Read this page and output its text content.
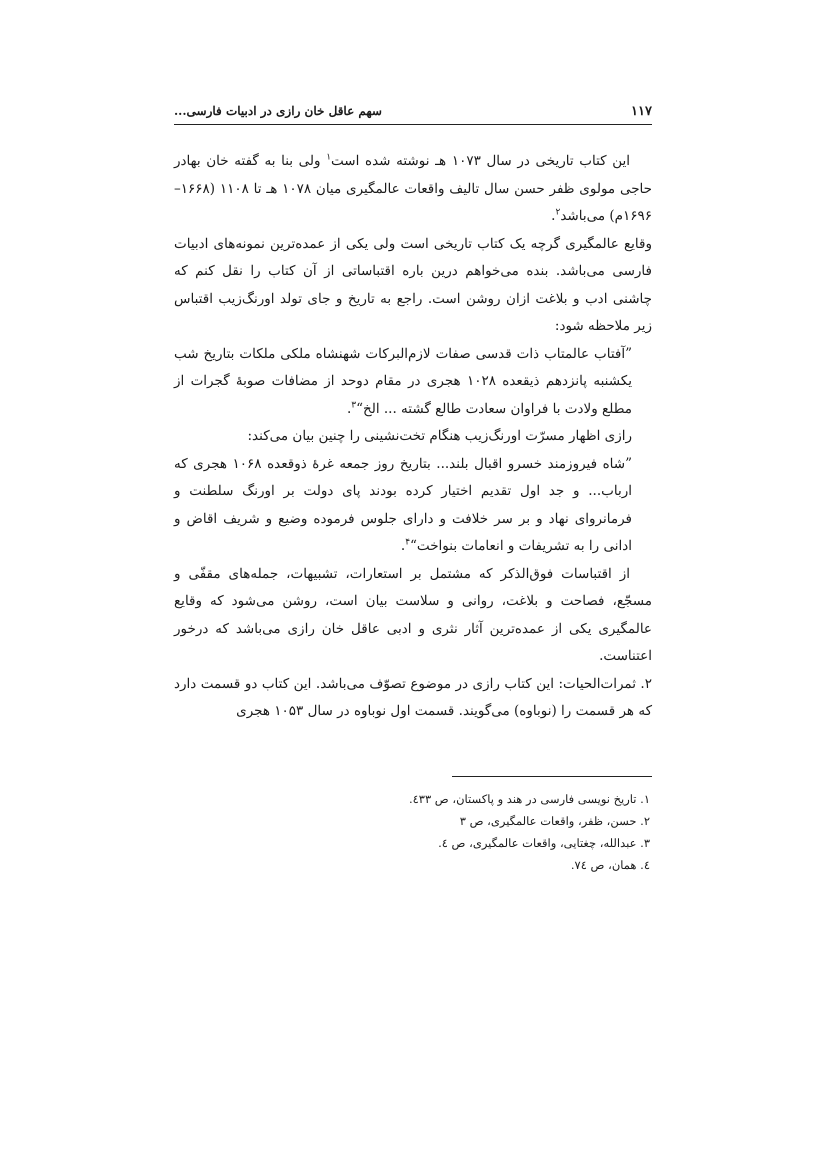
۱۱۷
سهم عاقل خان رازی در ادبیات فارسی...

این کتاب تاریخی در سال ۱۰۷۳ هـ نوشته شده است$^۱$ ولی بنا به گفته خان بهادر حاجی مولوی ظفر حسن سال تالیف واقعات عالمگیری میان ۱۰۷۸ هـ تا ۱۱۰۸ (۱۶۶۸–۱۶۹۶م) می‌باشد$^۲$.

وقایع عالمگیری گرچه یک کتاب تاریخی است ولی یکی از عمده‌ترین نمونه‌های ادبیات فارسی می‌باشد. بنده می‌خواهم درین باره اقتباساتی از آن کتاب را نقل کنم که چاشنی ادب و بلاغت ازان روشن است. راجع به تاریخ و جای تولد اورنگ‌زیب اقتباس زیر ملاحظه شود:

”آفتاب عالمتاب ذات قدسی صفات لازم‌البرکات شهنشاه ملکی ملکات بتاریخ شب یکشنبه پانزدهم ذیقعده ۱۰۲۸ هجری در مقام دوحد از مضافات صوبهٔ گجرات از مطلع ولادت با فراوان سعادت طالع گشته ... الخ“$^۳$.

رازی اظهار مسرّت اورنگ‌زیب هنگام تخت‌نشینی را چنین بیان می‌کند:

”شاه فیروزمند خسرو اقبال بلند... بتاریخ روز جمعه غرهٔ ذوقعده ۱۰۶۸ هجری که ارباب... و جد اول تقدیم اختیار کرده بودند پای دولت بر اورنگ سلطنت و فرمانروای نهاد و بر سر خلافت و دارای جلوس فرموده وضیع و شریف اقاض و ادانی را به تشریفات و انعامات بنواخت“$^۴$.

از اقتباسات فوق‌الذکر که مشتمل بر استعارات، تشبیهات، جمله‌های مقفّی و مسجّع، فصاحت و بلاغت، روانی و سلاست بیان است، روشن می‌شود که وقایع عالمگیری یکی از عمده‌ترین آثار نثری و ادبی عاقل خان رازی می‌باشد که درخور اعتناست.

۲. ثمرات‌الحیات: این کتاب رازی در موضوع تصوّف می‌باشد. این کتاب دو قسمت دارد که هر قسمت را (نوباوه) می‌گویند. قسمت اول نوباوه در سال ۱۰۵۳ هجری

۱. تاریخ نویسی فارسی در هند و پاکستان، ص ٤۳۳.
۲. حسن، ظفر، واقعات عالمگیری، ص ۳
۳. عبدالله، چغتایی، واقعات عالمگیری، ص ٤.
٤. همان، ص ۷٤.
